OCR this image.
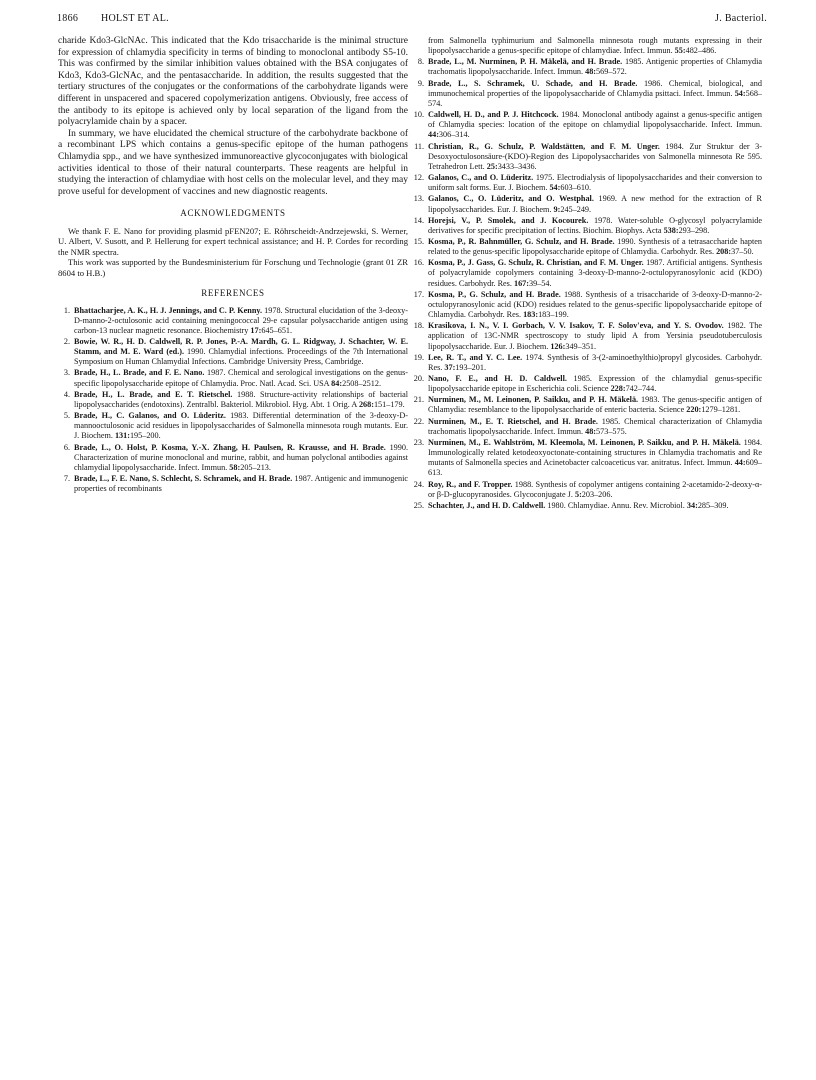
1866 HOLST ET AL.	J. Bacteriol.

charide Kdo3-GlcNAc. This indicated that the Kdo trisaccharide is the minimal structure for expression of chlamydia specificity in terms of binding to monoclonal antibody S5-10. This was confirmed by the similar inhibition values obtained with the BSA conjugates of Kdo3, Kdo3-GlcNAc, and the pentasaccharide. In addition, the results suggested that the tertiary structures of the conjugates or the conformations of the carbohydrate ligands were different in unspacered and spacered copolymerization antigens. Obviously, free access of the antibody to its epitope is achieved only by local separation of the ligand from the polyacrylamide chain by a spacer.

In summary, we have elucidated the chemical structure of the carbohydrate backbone of a recombinant LPS which contains a genus-specific epitope of the human pathogens Chlamydia spp., and we have synthesized immunoreactive glycoconjugates with biological activities identical to those of their natural counterparts. These reagents are helpful in studying the interaction of chlamydiae with host cells on the molecular level, and they may prove useful for development of vaccines and new diagnostic reagents.

ACKNOWLEDGMENTS

We thank F. E. Nano for providing plasmid pFEN207; E. Röhrscheidt-Andrzejewski, S. Werner, U. Albert, V. Susott, and P. Hellerung for expert technical assistance; and H. P. Cordes for recording the NMR spectra.

This work was supported by the Bundesministerium für Forschung und Technologie (grant 01 ZR 8604 to H.B.)

REFERENCES

1. Bhattacharjee, A. K., H. J. Jennings, and C. P. Kenny. 1978. Structural elucidation of the 3-deoxy-D-manno-2-octulosonic acid containing meningococcal 29-e capsular polysaccharide antigen using carbon-13 nuclear magnetic resonance. Biochemistry 17:645–651.

2. Bowie, W. R., H. D. Caldwell, R. P. Jones, P.-A. Mardh, G. L. Ridgway, J. Schachter, W. E. Stamm, and M. E. Ward (ed.). 1990. Chlamydial infections. Proceedings of the 7th International Symposium on Human Chlamydial Infections. Cambridge University Press, Cambridge.

3. Brade, H., L. Brade, and F. E. Nano. 1987. Chemical and serological investigations on the genus-specific lipopolysaccharide epitope of Chlamydia. Proc. Natl. Acad. Sci. USA 84:2508–2512.

4. Brade, H., L. Brade, and E. T. Rietschel. 1988. Structure-activity relationships of bacterial lipopolysaccharides (endotoxins). Zentralbl. Bakteriol. Mikrobiol. Hyg. Abt. 1 Orig. A 268:151–179.

5. Brade, H., C. Galanos, and O. Lüderitz. 1983. Differential determination of the 3-deoxy-D-mannooctulosonic acid residues in lipopolysaccharides of Salmonella minnesota rough mutants. Eur. J. Biochem. 131:195–200.

6. Brade, L., O. Holst, P. Kosma, Y.-X. Zhang, H. Paulsen, R. Krausse, and H. Brade. 1990. Characterization of murine monoclonal and murine, rabbit, and human polyclonal antibodies against chlamydial lipopolysaccharide. Infect. Immun. 58:205–213.

7. Brade, L., F. E. Nano, S. Schlecht, S. Schramek, and H. Brade. 1987. Antigenic and immunogenic properties of recombinants

from Salmonella typhimurium and Salmonella minnesota rough mutants expressing in their lipopolysaccharide a genus-specific epitope of chlamydiae. Infect. Immun. 55:482–486.

8. Brade, L., M. Nurminen, P. H. Mäkelä, and H. Brade. 1985. Antigenic properties of Chlamydia trachomatis lipopolysaccharide. Infect. Immun. 48:569–572.

9. Brade, L., S. Schramek, U. Schade, and H. Brade. 1986. Chemical, biological, and immunochemical properties of the lipopolysaccharide of Chlamydia psittaci. Infect. Immun. 54:568–574.

10. Caldwell, H. D., and P. J. Hitchcock. 1984. Monoclonal antibody against a genus-specific antigen of Chlamydia species: location of the epitope on chlamydial lipopolysaccharide. Infect. Immun. 44:306–314.

11. Christian, R., G. Schulz, P. Waldstätten, and F. M. Unger. 1984. Zur Struktur der 3-Desoxyoctulosonsäure-(KDO)-Region des Lipopolysaccharides von Salmonella minnesota Re 595. Tetrahedron Lett. 25:3433–3436.

12. Galanos, C., and O. Lüderitz. 1975. Electrodialysis of lipopolysaccharides and their conversion to uniform salt forms. Eur. J. Biochem. 54:603–610.

13. Galanos, C., O. Lüderitz, and O. Westphal. 1969. A new method for the extraction of R lipopolysaccharides. Eur. J. Biochem. 9:245–249.

14. Horejsi, V., P. Smolek, and J. Kocourek. 1978. Water-soluble O-glycosyl polyacrylamide derivatives for specific precipitation of lectins. Biochim. Biophys. Acta 538:293–298.

15. Kosma, P., R. Bahnmüller, G. Schulz, and H. Brade. 1990. Synthesis of a tetrasaccharide hapten related to the genus-specific lipopolysaccharide epitope of Chlamydia. Carbohydr. Res. 208:37–50.

16. Kosma, P., J. Gass, G. Schulz, R. Christian, and F. M. Unger. 1987. Artificial antigens. Synthesis of polyacrylamide copolymers containing 3-deoxy-D-manno-2-octulopyranosylonic acid (KDO) residues. Carbohydr. Res. 167:39–54.

17. Kosma, P., G. Schulz, and H. Brade. 1988. Synthesis of a trisaccharide of 3-deoxy-D-manno-2-octulopyranosylonic acid (KDO) residues related to the genus-specific lipopolysaccharide epitope of Chlamydia. Carbohydr. Res. 183:183–199.

18. Krasikova, I. N., V. I. Gorbach, V. V. Isakov, T. F. Solov'eva, and Y. S. Ovodov. 1982. The application of 13C-NMR spectroscopy to study lipid A from Yersinia pseudotuberculosis lipopolysaccharide. Eur. J. Biochem. 126:349–351.

19. Lee, R. T., and Y. C. Lee. 1974. Synthesis of 3-(2-aminoethylthio)propyl glycosides. Carbohydr. Res. 37:193–201.

20. Nano, F. E., and H. D. Caldwell. 1985. Expression of the chlamydial genus-specific lipopolysaccharide epitope in Escherichia coli. Science 228:742–744.

21. Nurminen, M., M. Leinonen, P. Saikku, and P. H. Mäkelä. 1983. The genus-specific antigen of Chlamydia: resemblance to the lipopolysaccharide of enteric bacteria. Science 220:1279–1281.

22. Nurminen, M., E. T. Rietschel, and H. Brade. 1985. Chemical characterization of Chlamydia trachomatis lipopolysaccharide. Infect. Immun. 48:573–575.

23. Nurminen, M., E. Wahlström, M. Kleemola, M. Leinonen, P. Saikku, and P. H. Mäkelä. 1984. Immunologically related ketodeoxyoctonate-containing structures in Chlamydia trachomatis and Re mutants of Salmonella species and Acinetobacter calcoaceticus var. anitratus. Infect. Immun. 44:609–613.

24. Roy, R., and F. Tropper. 1988. Synthesis of copolymer antigens containing 2-acetamido-2-deoxy-α- or β-D-glucopyranosides. Glycoconjugate J. 5:203–206.

25. Schachter, J., and H. D. Caldwell. 1980. Chlamydiae. Annu. Rev. Microbiol. 34:285–309.
